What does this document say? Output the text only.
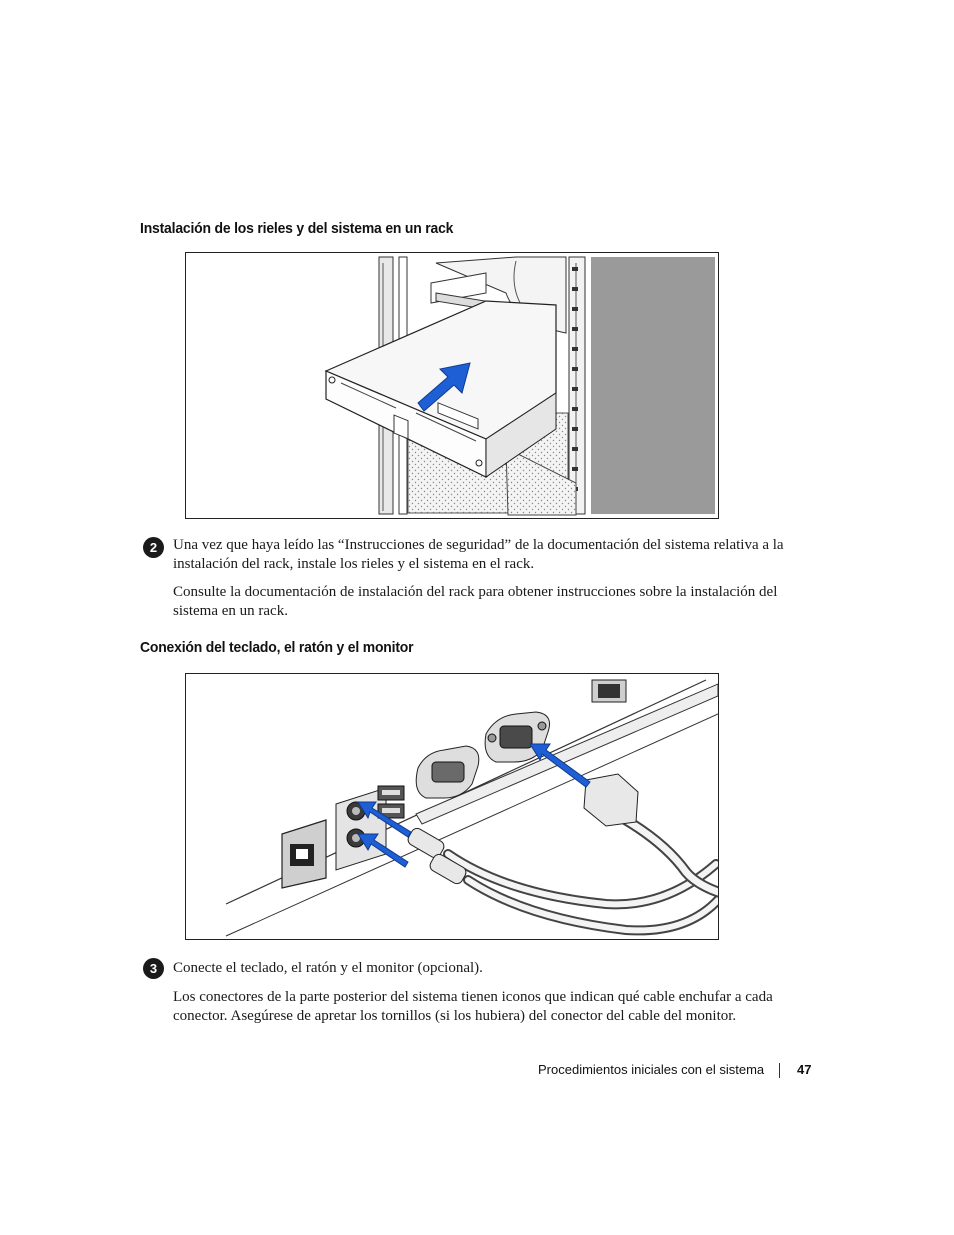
Instalación de los rieles y del sistema en un rack
2	Una vez que haya leído las “Instrucciones de seguridad” de la documentación del sistema relativa a la instalación del rack, instale los rieles y el sistema en el rack.
Consulte la documentación de instalación del rack para obtener instrucciones sobre la instalación del sistema en un rack.
Conexión del teclado, el ratón y el monitor
3	Conecte el teclado, el ratón y el monitor (opcional).
Los conectores de la parte posterior del sistema tienen iconos que indican qué cable enchufar a cada conector. Asegúrese de apretar los tornillos (si los hubiera) del conector del cable del monitor.
Procedimientos iniciales con el sistema	47
